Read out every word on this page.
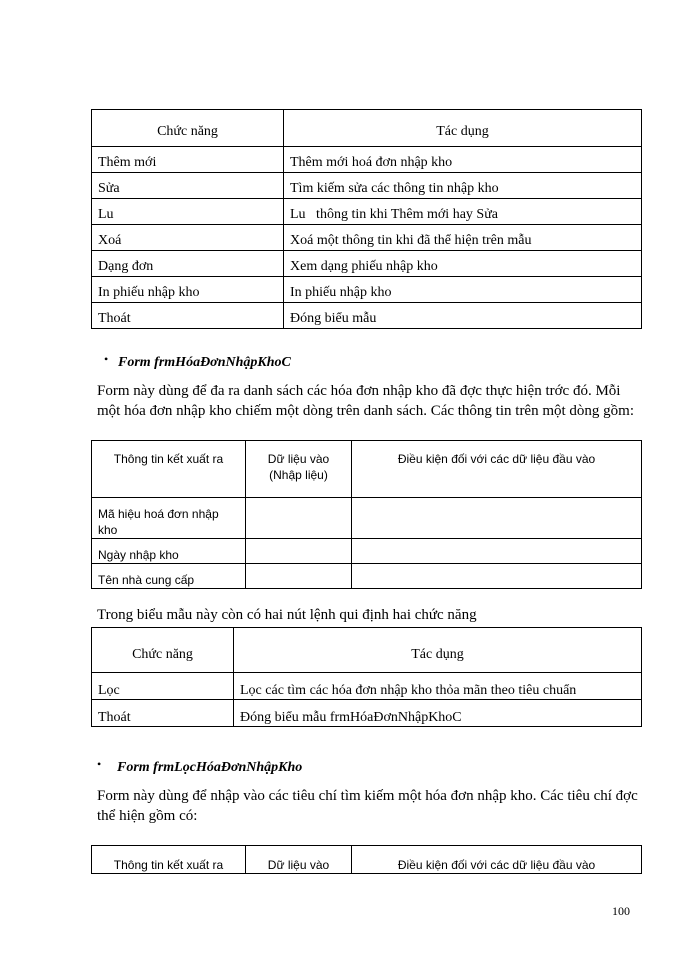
Chức năng	Tác dụng
Thêm mới	Thêm mới hoá đơn nhập kho
Sửa	Tìm kiếm sửa các thông tin nhập kho
Lu	Lu   thông tin khi Thêm mới hay Sửa
Xoá	Xoá một thông tin khi đã thể hiện trên mẫu
Dạng đơn	Xem dạng phiếu nhập kho
In phiếu nhập kho	In phiếu nhập kho
Thoát	Đóng biểu mẫu
• Form frmHóaĐơnNhậpKhoC
Form này dùng để đa ra danh sách các hóa đơn nhập kho đã đợc thực hiện trớc đó. Mỗi một hóa đơn nhập kho chiếm một dòng trên danh sách. Các thông tin trên một dòng gồm:
Thông tin kết xuất ra	Dữ liệu vào (Nhập liệu)	Điều kiện đối với các dữ liệu đầu vào
Mã hiệu hoá đơn nhập kho		
Ngày nhập kho		
Tên nhà cung cấp		
Trong biểu mẫu này còn có hai nút lệnh qui định hai chức năng
Chức năng	Tác dụng
Lọc	Lọc các tìm các hóa đơn nhập kho thỏa mãn theo tiêu chuẩn
Thoát	Đóng biểu mẫu frmHóaĐơnNhậpKhoC
• Form frmLọcHóaĐơnNhậpKho
Form này dùng để nhập vào các tiêu chí tìm kiếm một hóa đơn nhập kho. Các tiêu chí đợc thể hiện gồm có:
Thông tin kết xuất ra	Dữ liệu vào	Điều kiện đối với các dữ liệu đầu vào
100
